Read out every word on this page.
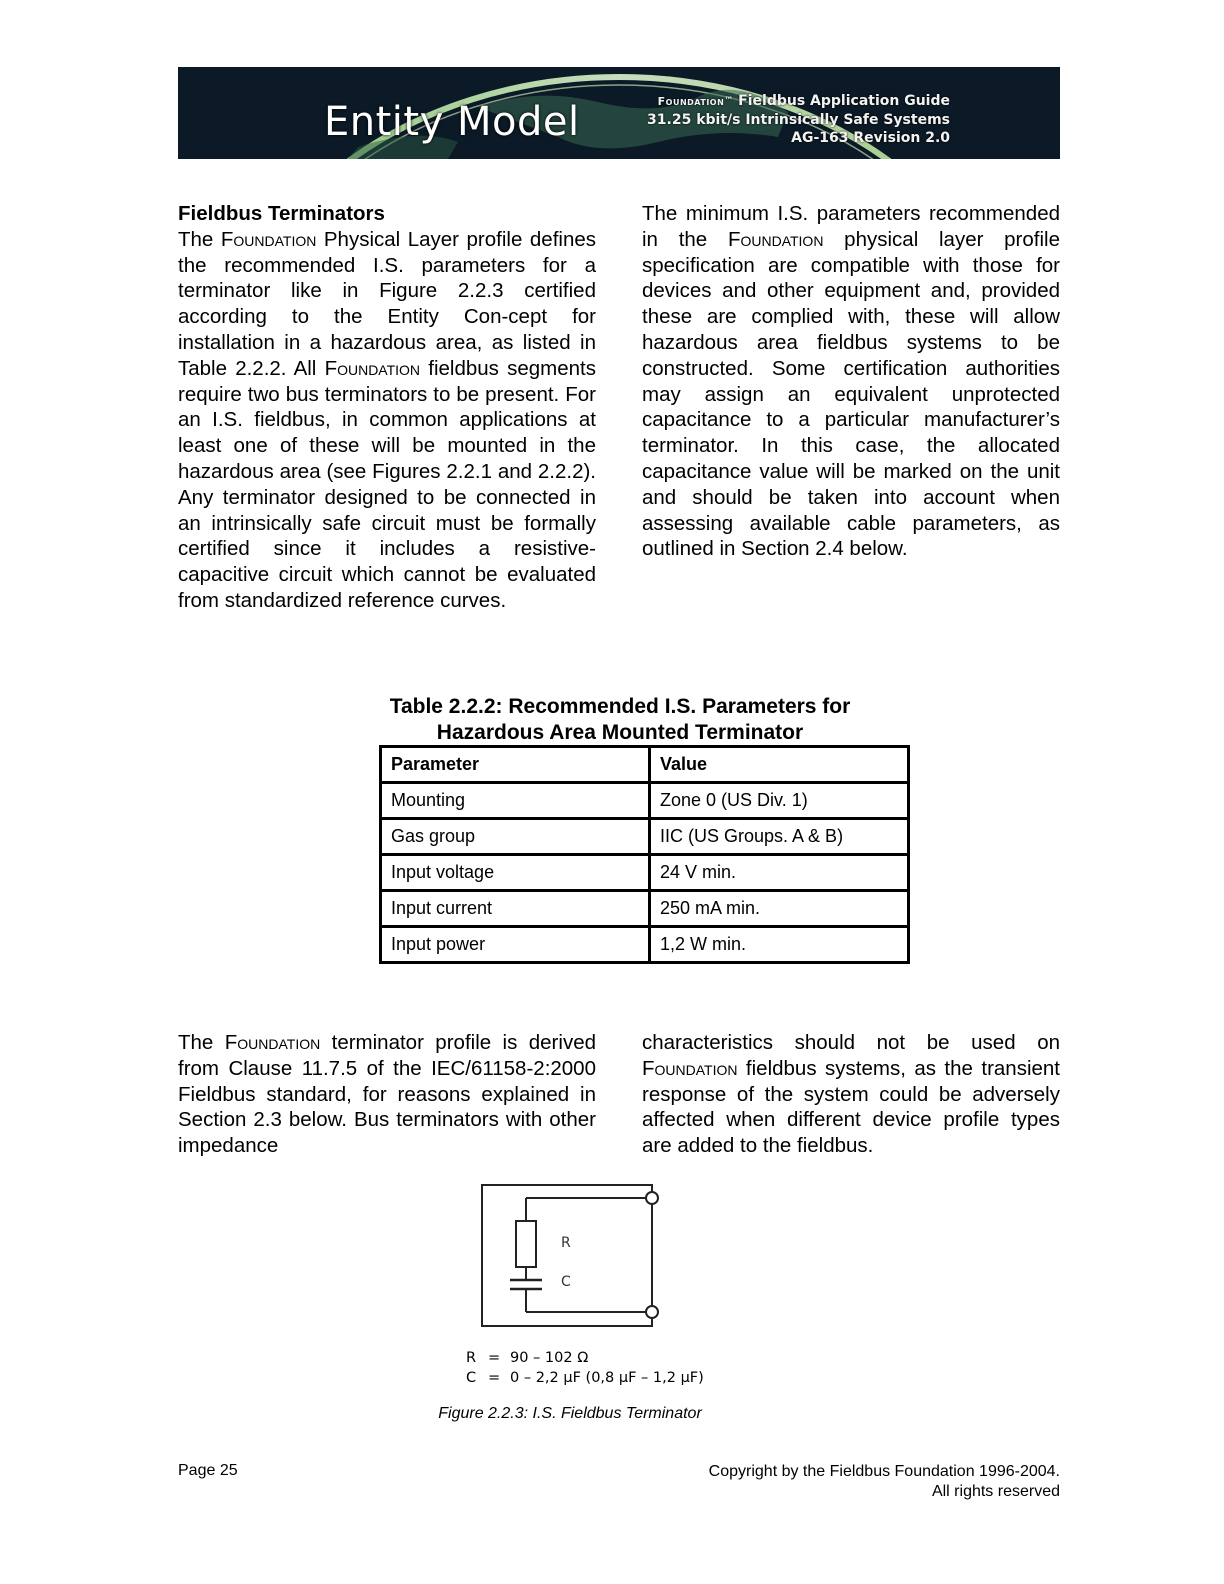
Entity Model	Foundation™ Fieldbus Application Guide
31.25 kbit/s Intrinsically Safe Systems
AG-163 Revision 2.0

Fieldbus Terminators

The Foundation Physical Layer profile defines the recommended I.S. parameters for a terminator like in Figure 2.2.3 certified according to the Entity Con-cept for installation in a hazardous area, as listed in Table 2.2.2. All Foundation fieldbus segments require two bus terminators to be present. For an I.S. fieldbus, in common applications at least one of these will be mounted in the hazardous area (see Figures 2.2.1 and 2.2.2). Any terminator designed to be connected in an intrinsically safe circuit must be formally certified since it includes a resistive-capacitive circuit which cannot be evaluated from standardized reference curves.

The minimum I.S. parameters recommended in the Foundation physical layer profile specification are compatible with those for devices and other equipment and, provided these are complied with, these will allow hazardous area fieldbus systems to be constructed. Some certification authorities may assign an equivalent unprotected capacitance to a particular manufacturer’s terminator. In this case, the allocated capacitance value will be marked on the unit and should be taken into account when assessing available cable parameters, as outlined in Section 2.4 below.

Table 2.2.2: Recommended I.S. Parameters for
Hazardous Area Mounted Terminator
Parameter	Value
Mounting	Zone 0 (US Div. 1)
Gas group	IIC (US Groups. A & B)
Input voltage	24 V min.
Input current	250 mA min.
Input power	1,2 W min.

The Foundation terminator profile is derived from Clause 11.7.5 of the IEC/61158-2:2000 Fieldbus standard, for reasons explained in Section 2.3 below. Bus terminators with other impedance

characteristics should not be used on Foundation fieldbus systems, as the transient response of the system could be adversely affected when different device profile types are added to the fieldbus.

R
C
R = 90 – 102 Ω
C = 0 – 2,2 µF (0,8 µF – 1,2 µF)
Figure 2.2.3: I.S. Fieldbus Terminator
Page 25	Copyright by the Fieldbus Foundation 1996-2004.
All rights reserved
